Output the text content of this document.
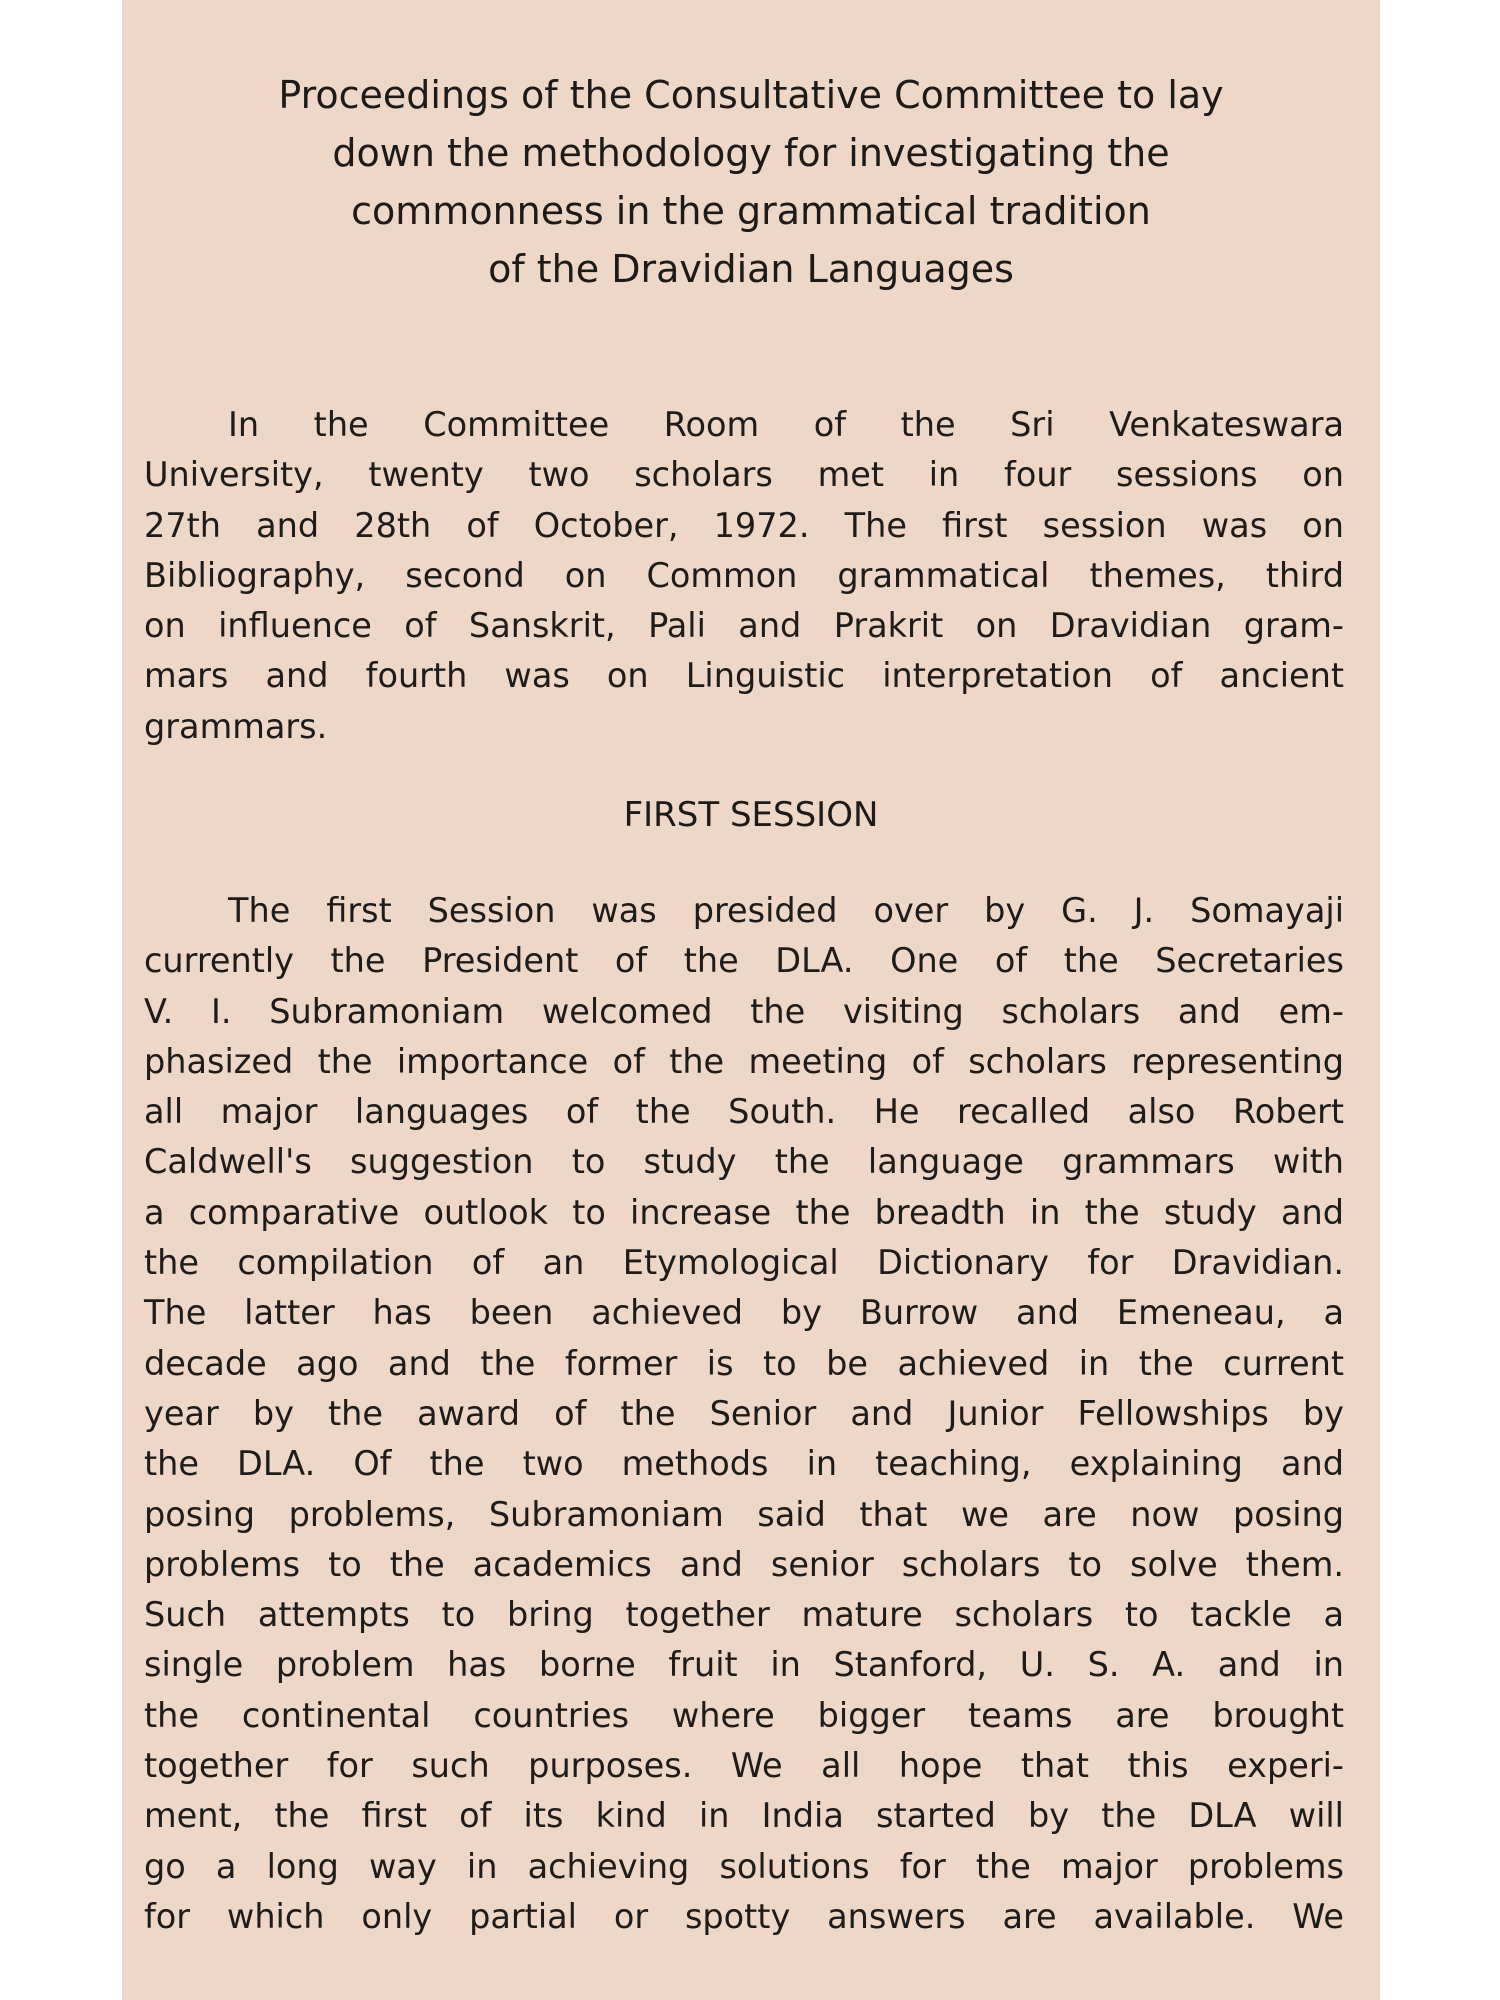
Proceedings of the Consultative Committee to lay
down the methodology for investigating the
commonness in the grammatical tradition
of the Dravidian Languages

In the Committee Room of the Sri Venkateswara
University, twenty two scholars met in four sessions on
27th and 28th of October, 1972. The first session was on
Bibliography, second on Common grammatical themes, third
on influence of Sanskrit, Pali and Prakrit on Dravidian gram-
mars and fourth was on Linguistic interpretation of ancient
grammars.

FIRST SESSION

The first Session was presided over by G. J. Somayaji
currently the President of the DLA. One of the Secretaries
V. I. Subramoniam welcomed the visiting scholars and em-
phasized the importance of the meeting of scholars representing
all major languages of the South. He recalled also Robert
Caldwell's suggestion to study the language grammars with
a comparative outlook to increase the breadth in the study and
the compilation of an Etymological Dictionary for Dravidian.
The latter has been achieved by Burrow and Emeneau, a
decade ago and the former is to be achieved in the current
year by the award of the Senior and Junior Fellowships by
the DLA. Of the two methods in teaching, explaining and
posing problems, Subramoniam said that we are now posing
problems to the academics and senior scholars to solve them.
Such attempts to bring together mature scholars to tackle a
single problem has borne fruit in Stanford, U. S. A. and in
the continental countries where bigger teams are brought
together for such purposes. We all hope that this experi-
ment, the first of its kind in India started by the DLA will
go a long way in achieving solutions for the major problems
for which only partial or spotty answers are available. We
